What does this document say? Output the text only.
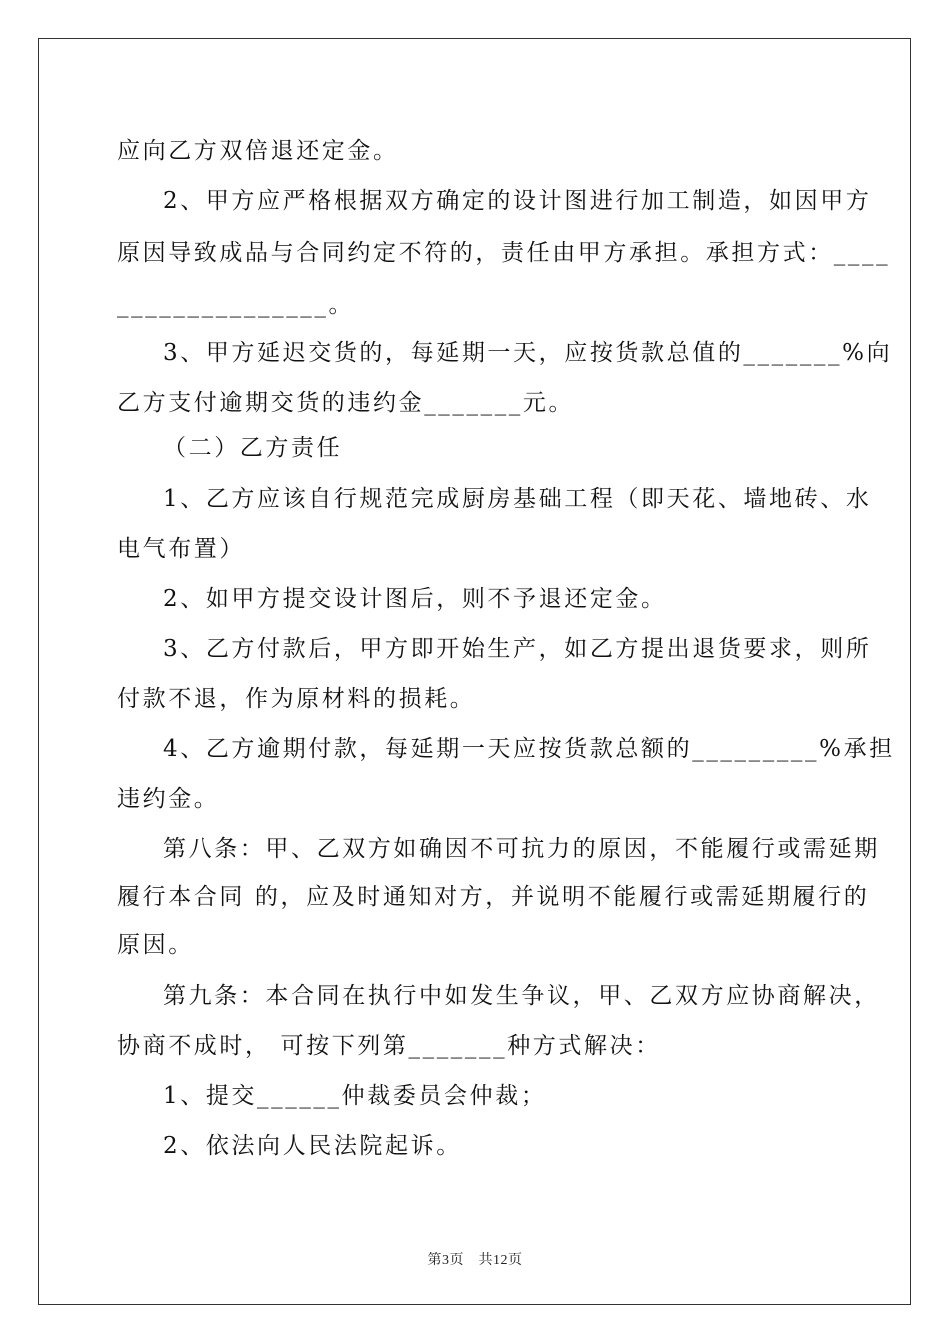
应向乙方双倍退还定金。
2、甲方应严格根据双方确定的设计图进行加工制造，如因甲方
原因导致成品与合同约定不符的，责任由甲方承担。承担方式：____
_______________。
3、甲方延迟交货的，每延期一天，应按货款总值的_______%向
乙方支付逾期交货的违约金_______元。
（二）乙方责任
1、乙方应该自行规范完成厨房基础工程（即天花、墙地砖、水
电气布置）
2、如甲方提交设计图后，则不予退还定金。
3、乙方付款后，甲方即开始生产，如乙方提出退货要求，则所
付款不退，作为原材料的损耗。
4、乙方逾期付款，每延期一天应按货款总额的_________%承担
违约金。
第八条：甲、乙双方如确因不可抗力的原因，不能履行或需延期
履行本合同 的，应及时通知对方，并说明不能履行或需延期履行的
原因。
第九条：本合同在执行中如发生争议，甲、乙双方应协商解决，
协商不成时， 可按下列第_______种方式解决：
1、提交______仲裁委员会仲裁；
2、依法向人民法院起诉。
第3页　共12页
